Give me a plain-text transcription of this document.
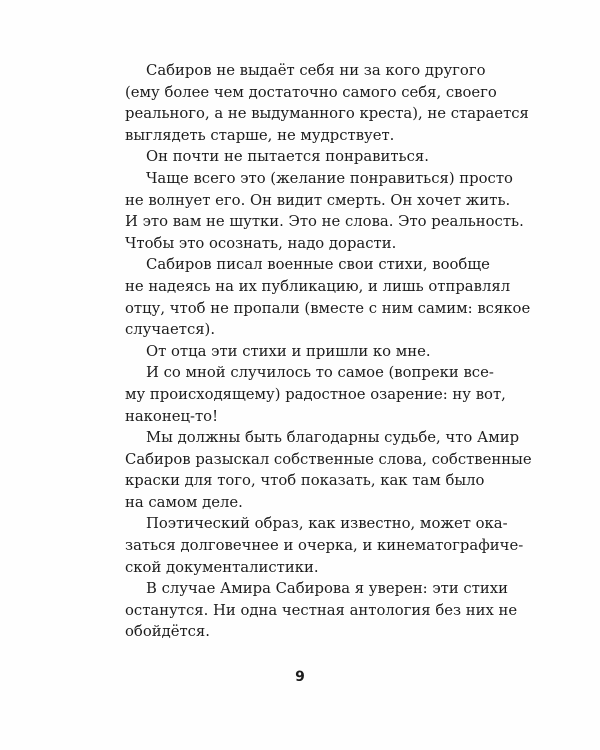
Сабиров не выдаёт себя ни за кого другого
(ему более чем достаточно самого себя, своего
реального, а не выдуманного креста), не старается
выглядеть старше, не мудрствует.
Он почти не пытается понравиться.
Чаще всего это (желание понравиться) просто
не волнует его. Он видит смерть. Он хочет жить.
И это вам не шутки. Это не слова. Это реальность.
Чтобы это осознать, надо дорасти.
Сабиров писал военные свои стихи, вообще
не надеясь на их публикацию, и лишь отправлял
отцу, чтоб не пропали (вместе с ним самим: всякое
случается).
От отца эти стихи и пришли ко мне.
И со мной случилось то самое (вопреки все-
му происходящему) радостное озарение: ну вот,
наконец-то!
Мы должны быть благодарны судьбе, что Амир
Сабиров разыскал собственные слова, собственные
краски для того, чтоб показать, как там было
на самом деле.
Поэтический образ, как известно, может ока-
заться долговечнее и очерка, и кинематографиче-
ской документалистики.
В случае Амира Сабирова я уверен: эти стихи
останутся. Ни одна честная антология без них не
обойдётся.
9
